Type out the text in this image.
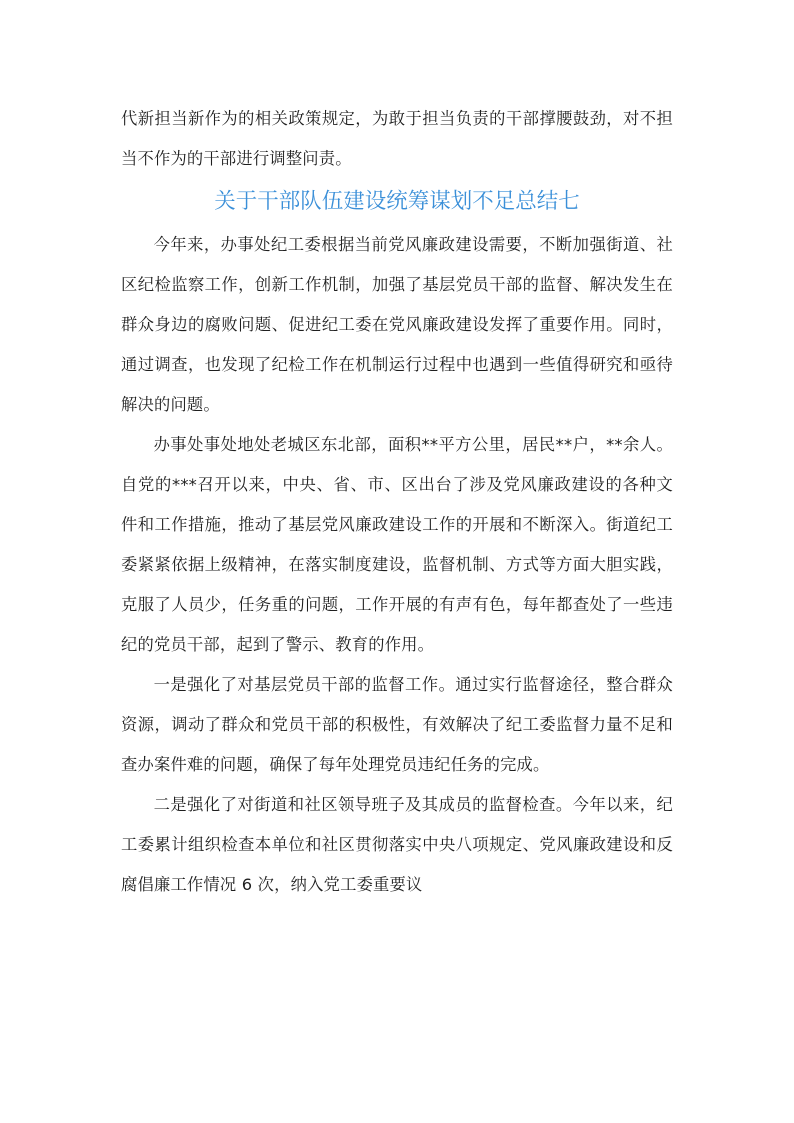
代新担当新作为的相关政策规定，为敢于担当负责的干部撑腰鼓劲，对不担当不作为的干部进行调整问责。

关于干部队伍建设统筹谋划不足总结七

今年来，办事处纪工委根据当前党风廉政建设需要，不断加强街道、社区纪检监察工作，创新工作机制，加强了基层党员干部的监督、解决发生在群众身边的腐败问题、促进纪工委在党风廉政建设发挥了重要作用。同时，通过调查，也发现了纪检工作在机制运行过程中也遇到一些值得研究和亟待解决的问题。

办事处事处地处老城区东北部，面积**平方公里，居民**户，**余人。自党的***召开以来，中央、省、市、区出台了涉及党风廉政建设的各种文件和工作措施，推动了基层党风廉政建设工作的开展和不断深入。街道纪工委紧紧依据上级精神，在落实制度建设，监督机制、方式等方面大胆实践，克服了人员少，任务重的问题，工作开展的有声有色，每年都查处了一些违纪的党员干部，起到了警示、教育的作用。

一是强化了对基层党员干部的监督工作。通过实行监督途径，整合群众资源，调动了群众和党员干部的积极性，有效解决了纪工委监督力量不足和查办案件难的问题，确保了每年处理党员违纪任务的完成。

二是强化了对街道和社区领导班子及其成员的监督检查。今年以来，纪工委累计组织检查本单位和社区贯彻落实中央八项规定、党风廉政建设和反腐倡廉工作情况 6 次，纳入党工委重要议
